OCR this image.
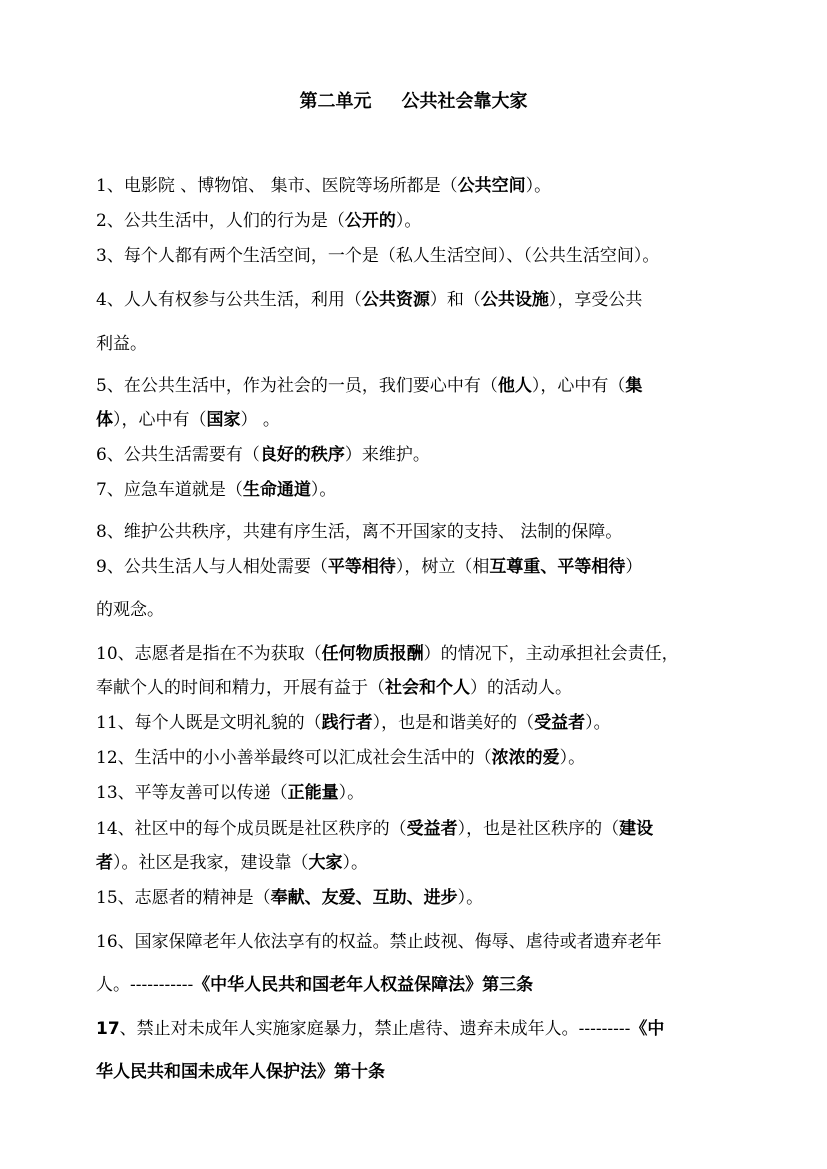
第二单元 公共社会靠大家
1、电影院 、博物馆、 集市、医院等场所都是（公共空间）。
2、公共生活中，人们的行为是（公开的）。
3、每个人都有两个生活空间，一个是（私人生活空间）、（公共生活空间）。
4、人人有权参与公共生活，利用（公共资源）和（公共设施），享受公共
利益。
5、在公共生活中，作为社会的一员，我们要心中有（他人），心中有（集
体），心中有（国家） 。
6、公共生活需要有（良好的秩序）来维护。
7、应急车道就是（生命通道）。
8、维护公共秩序，共建有序生活，离不开国家的支持、 法制的保障。
9、公共生活人与人相处需要（平等相待），树立（相互尊重、平等相待）
的观念。
10、志愿者是指在不为获取（任何物质报酬）的情况下，主动承担社会责任，
奉献个人的时间和精力，开展有益于（社会和个人）的活动人。
11、每个人既是文明礼貌的（践行者），也是和谐美好的（受益者）。
12、生活中的小小善举最终可以汇成社会生活中的（浓浓的爱）。
13、平等友善可以传递（正能量）。
14、社区中的每个成员既是社区秩序的（受益者），也是社区秩序的（建设
者）。社区是我家，建设靠（大家）。
15、志愿者的精神是（奉献、友爱、互助、进步）。
16、国家保障老年人依法享有的权益。禁止歧视、侮辱、虐待或者遗弃老年
人。-----------《中华人民共和国老年人权益保障法》第三条
17、禁止对未成年人实施家庭暴力，禁止虐待、遗弃未成年人。---------《中
华人民共和国未成年人保护法》第十条
